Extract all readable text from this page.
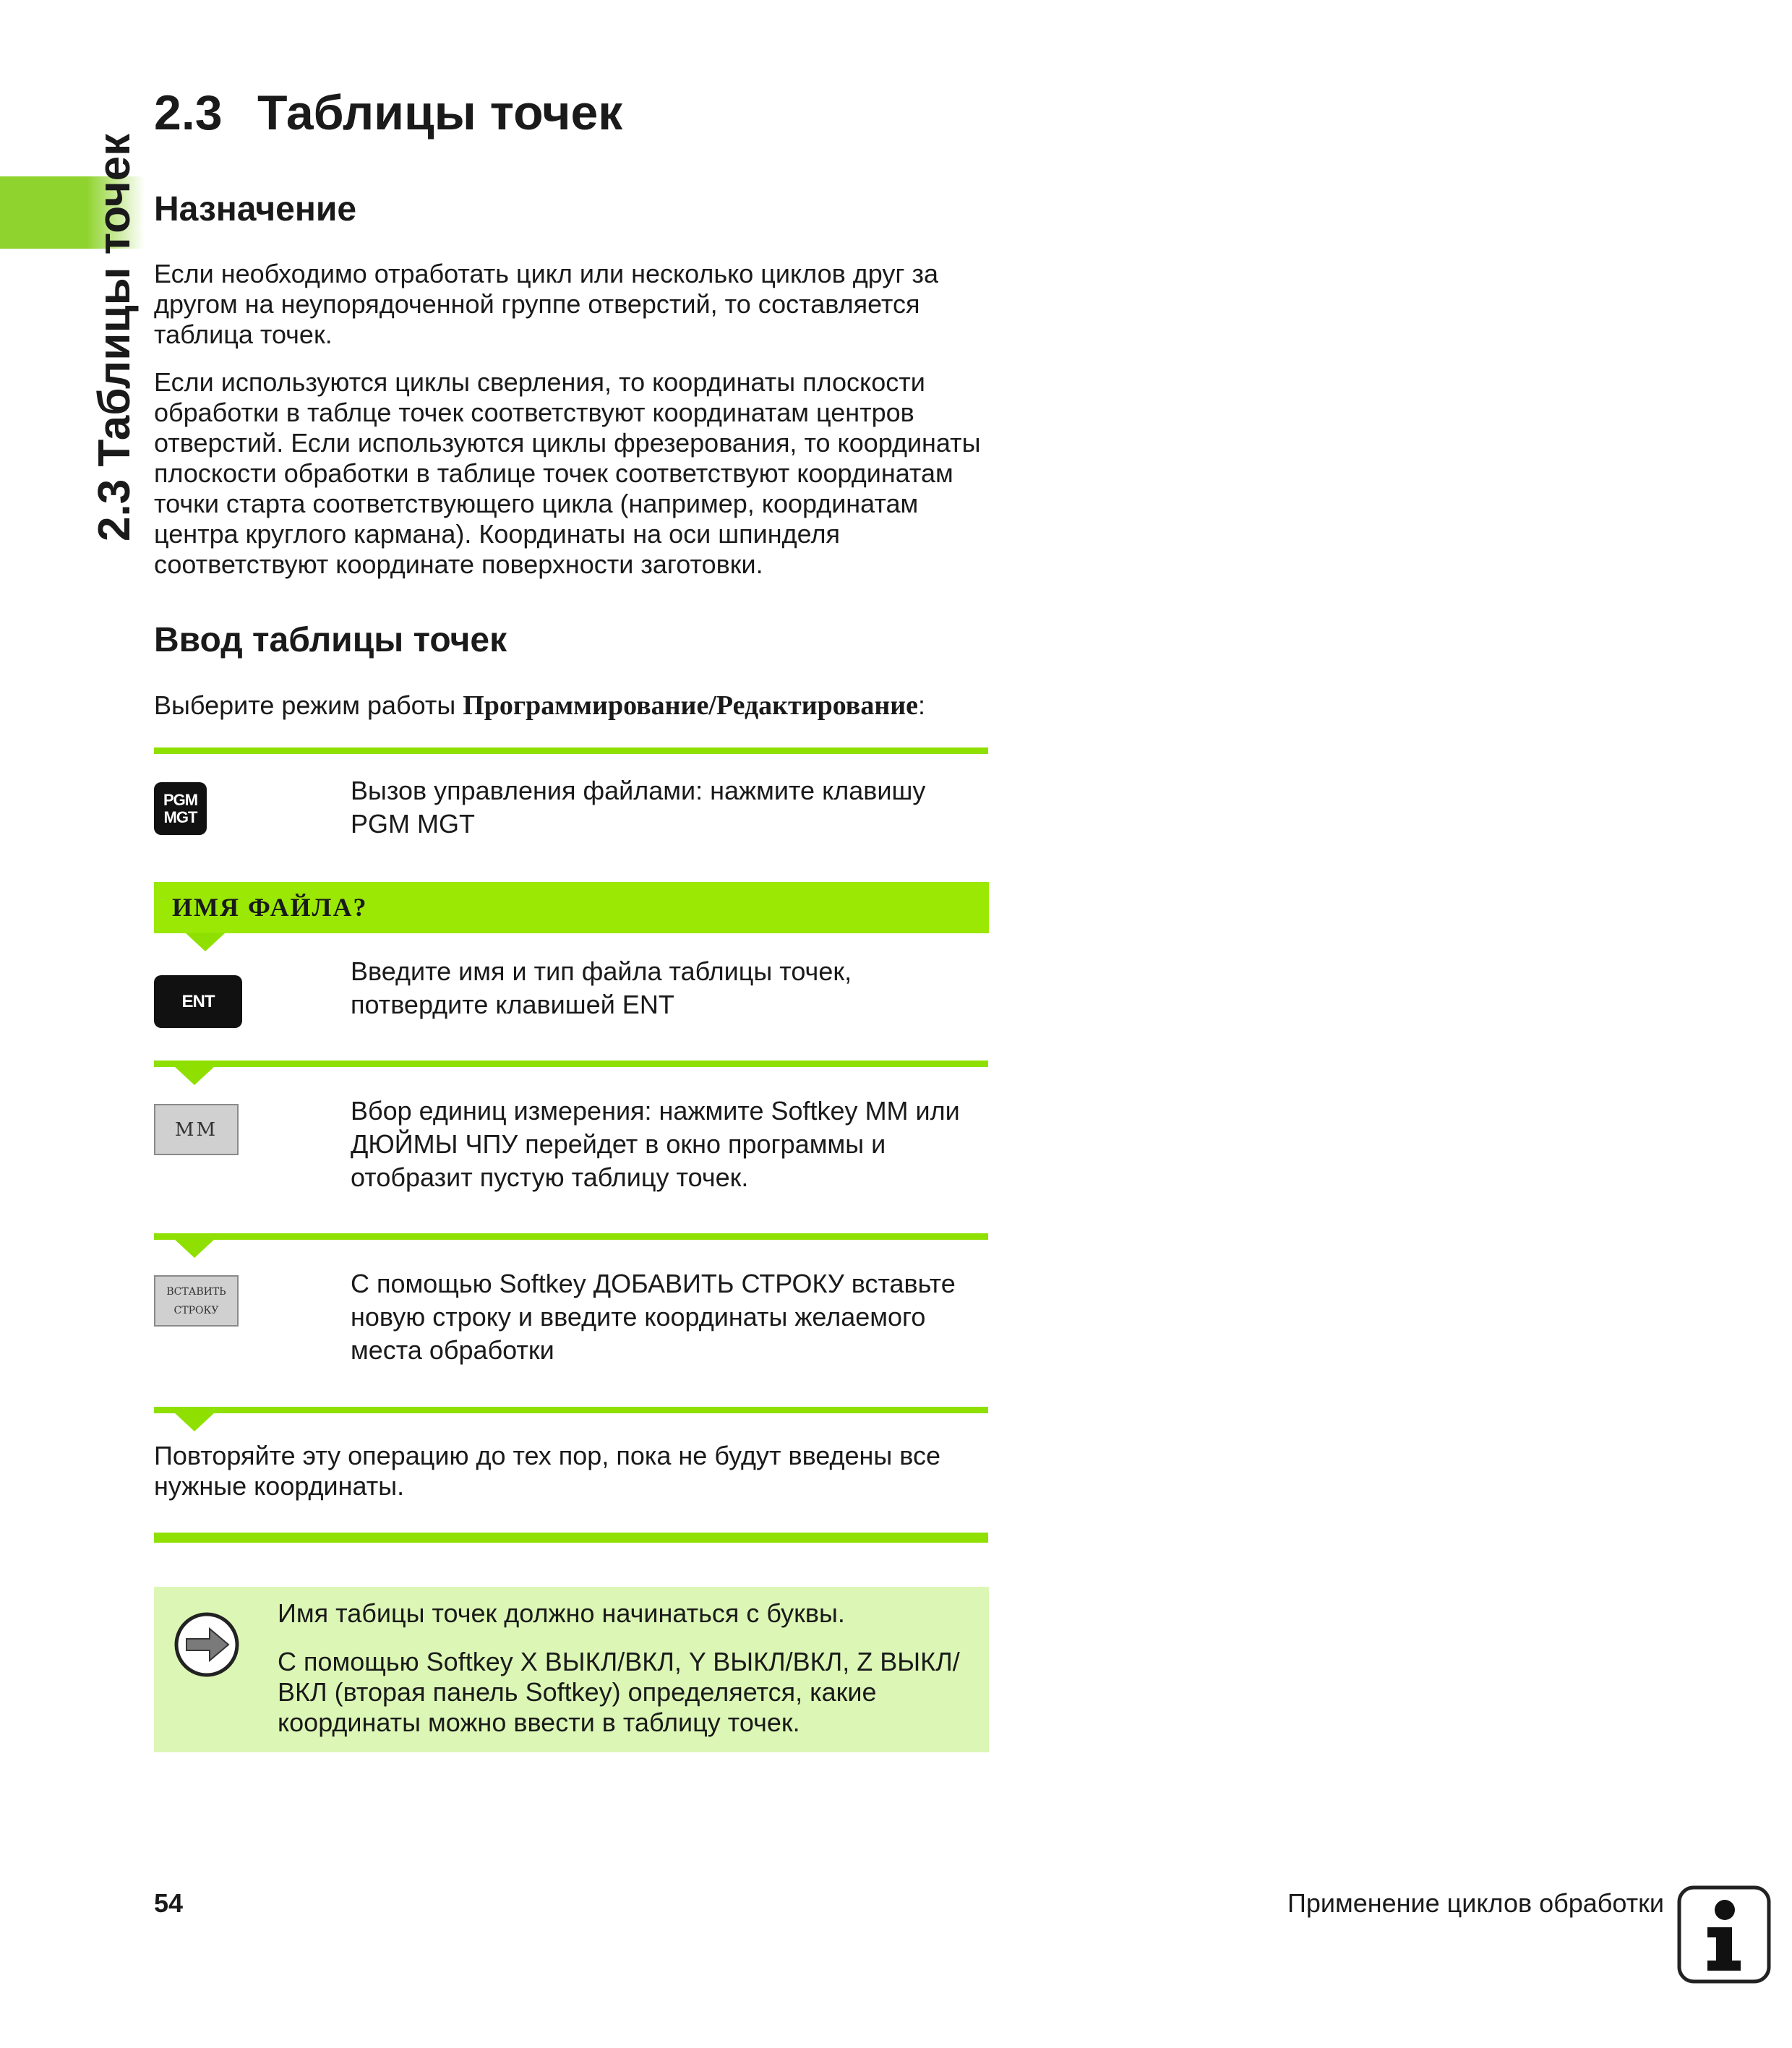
2.3 Таблицы точек
2.3 Таблицы точек
Назначение
Если необходимо отработать цикл или несколько циклов друг за другом на неупорядоченной группе отверстий, то составляется таблица точек.
Если используются циклы сверления, то координаты плоскости обработки в таблце точек соответствуют координатам центров отверстий. Если используются циклы фрезерования, то координаты плоскости обработки в таблице точек соответствуют координатам точки старта соответствующего цикла (например, координатам центра круглого кармана). Координаты на оси шпинделя соответствуют координате поверхности заготовки.
Ввод таблицы точек
Выберите режим работы Программирование/Редактирование:
PGM
MGT
Вызов управления файлами: нажмите клавишу PGM MGT
ИМЯ ФАЙЛА?
ENT
Введите имя и тип файла таблицы точек, потвердите клавишей ENT
MM
Вбор единиц измерения: нажмите Softkey MM или ДЮЙМЫ ЧПУ перейдет в окно программы и отобразит пустую таблицу точек.
ВСТАВИТЬ
СТРОКУ
С помощью Softkey ДОБАВИТЬ СТРОКУ вставьте новую строку и введите координаты желаемого места обработки
Повторяйте эту операцию до тех пор, пока не будут введены все нужные координаты.
Имя табицы точек должно начинаться с буквы.
С помощью Softkey X ВЫКЛ/ВКЛ, Y ВЫКЛ/ВКЛ, Z ВЫКЛ/ВКЛ (вторая панель Softkey) определяется, какие координаты можно ввести в таблицу точек.
54	Применение циклов обработки
